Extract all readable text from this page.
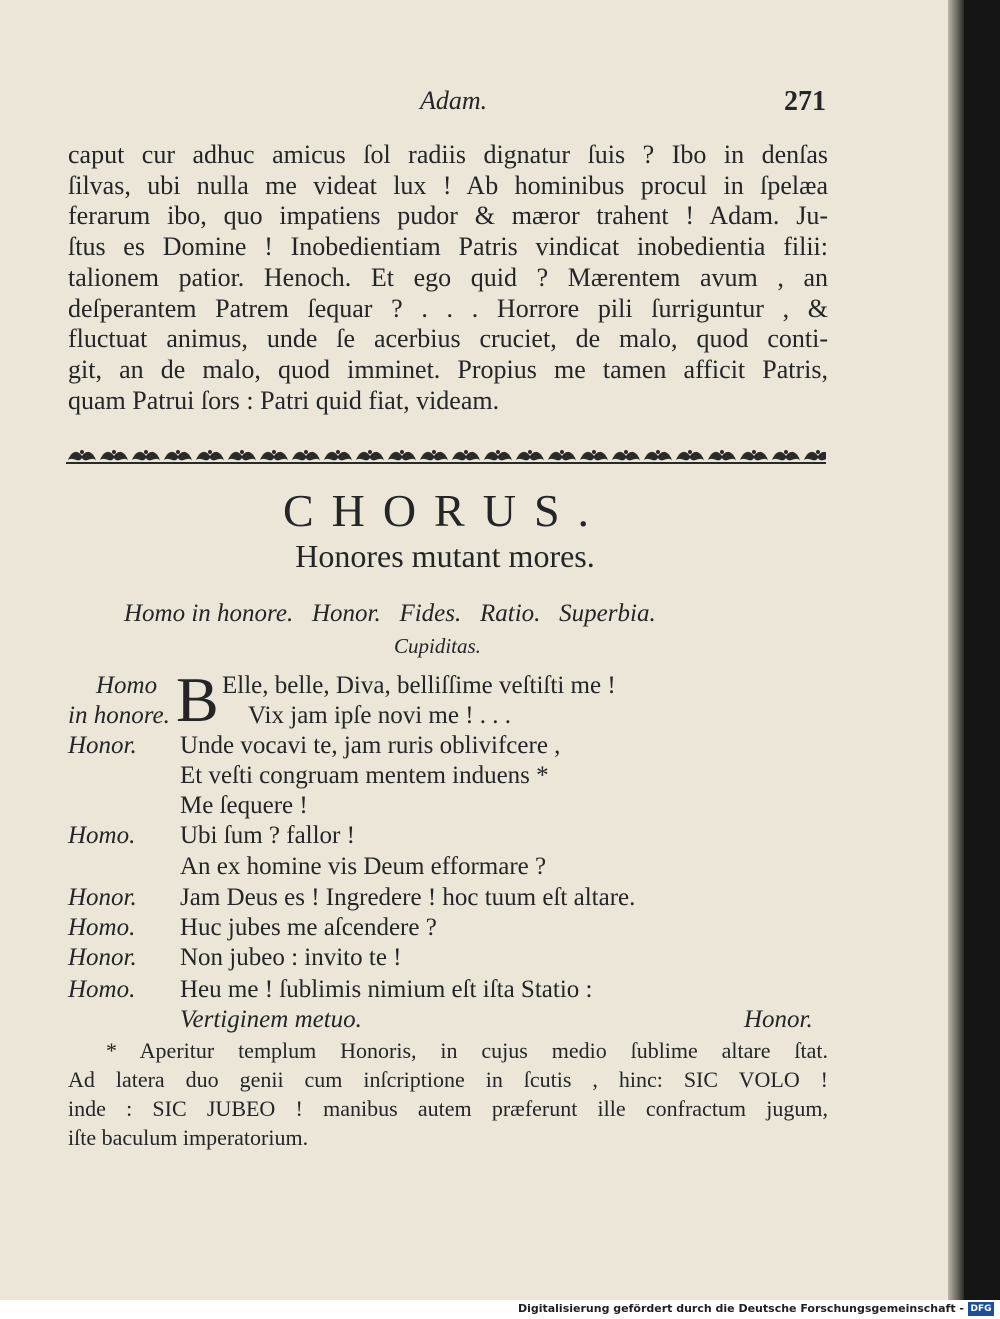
Adam.	271
caput cur adhuc amicus ſol radiis dignatur ſuis ? Ibo in denſas
ſilvas, ubi nulla me videat lux ! Ab hominibus procul in ſpelæa
ferarum ibo, quo impatiens pudor & mæror trahent ! Adam. Ju-
ſtus es Domine ! Inobedientiam Patris vindicat inobedientia filii:
talionem patior. Henoch. Et ego quid ? Mærentem avum , an
deſperantem Patrem ſequar ? . . . Horrore pili ſurriguntur , &
fluctuat animus, unde ſe acerbius cruciet, de malo, quod conti-
git, an de malo, quod imminet. Propius me tamen afficit Patris,
quam Patrui ſors : Patri quid fiat, videam.
CHORUS.
Honores mutant mores.
Homo in honore.   Honor.   Fides.   Ratio.   Superbia.
Cupiditas.
Homo
in honore.
Honor.
Homo.
Honor.
Homo.
Honor.
Homo.
Honor.
B Elle, belle, Diva, belliſſime veſtiſti me !
Vix jam ipſe novi me ! . . .
Unde vocavi te, jam ruris oblivifcere ,
Et veſti congruam mentem induens *
Me ſequere !
Ubi ſum ? fallor !
An ex homine vis Deum efformare ?
Jam Deus es ! Ingredere ! hoc tuum eſt altare.
Huc jubes me aſcendere ?
Non jubeo : invito te !
Heu me ! ſublimis nimium eſt iſta Statio :
Vertiginem metuo.
* Aperitur templum Honoris, in cujus medio ſublime altare ſtat.
Ad latera duo genii cum inſcriptione in ſcutis , hinc: SIC VOLO !
inde : SIC JUBEO ! manibus autem præferunt ille confractum jugum,
iſte baculum imperatorium.
Digitalisierung gefördert durch die Deutsche Forschungsgemeinschaft - DFG
